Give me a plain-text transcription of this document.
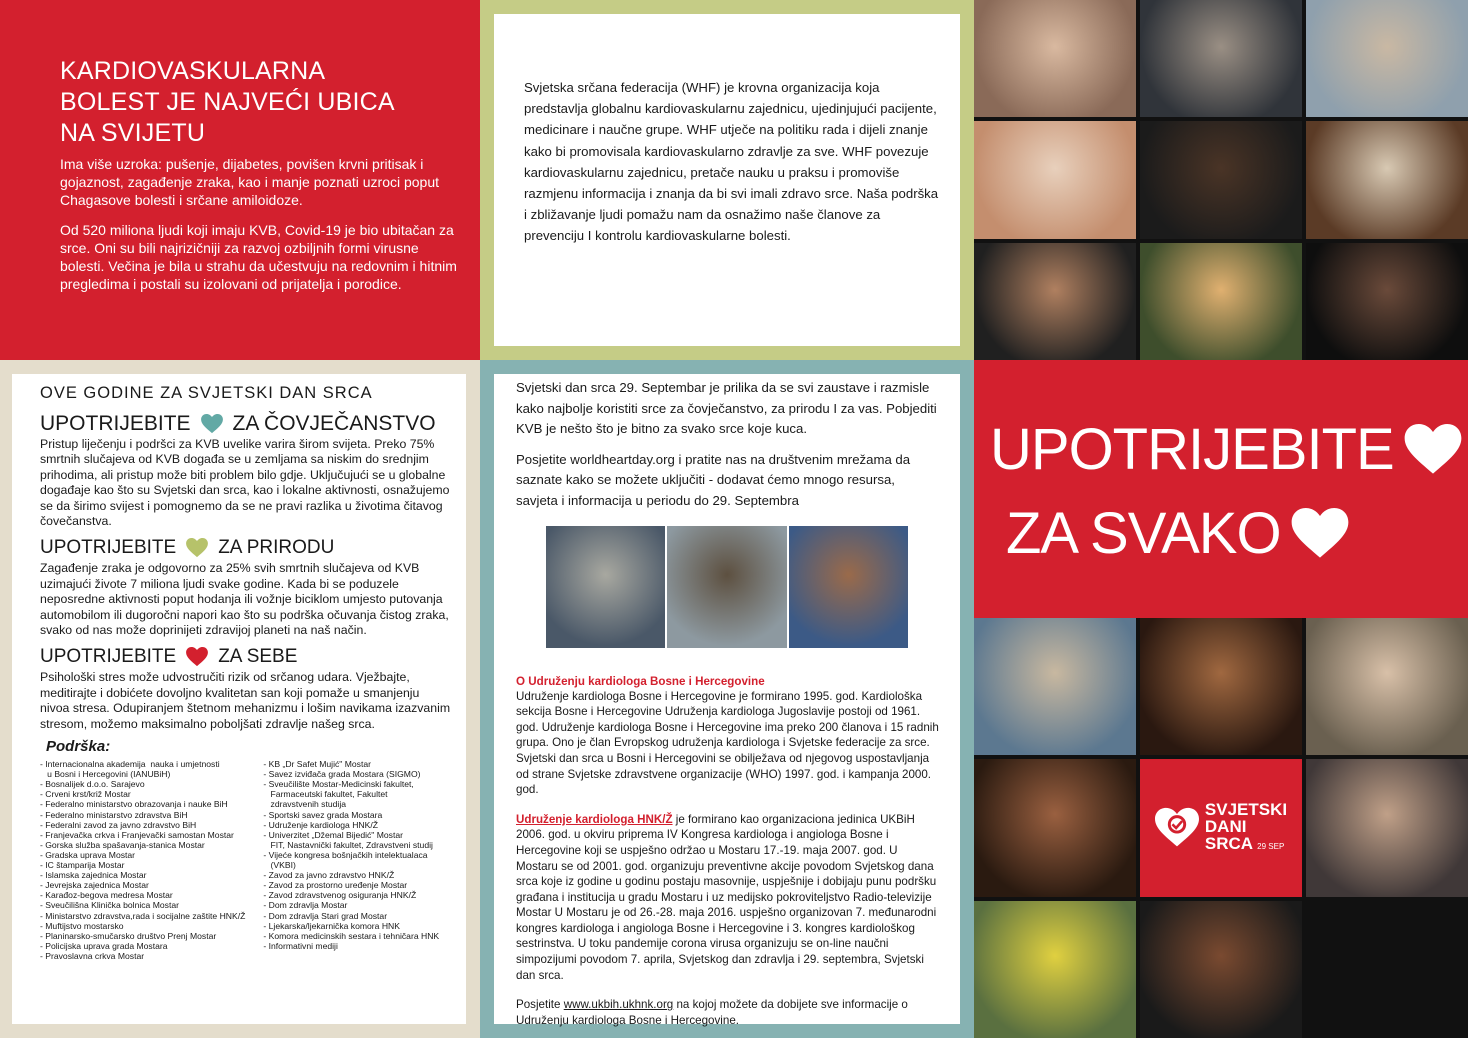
KARDIOVASKULARNA
BOLEST JE NAJVEĆI UBICA
NA SVIJETU

Ima više uzroka: pušenje, dijabetes, povišen krvni pritisak i gojaznost, zagađenje zraka, kao i manje poznati uzroci poput Chagasove bolesti i srčane amiloidoze.

Od 520 miliona ljudi koji imaju KVB, Covid-19 je bio ubitačan za srce. Oni su bili najrizičniji za razvoj ozbiljnih formi virusne bolesti. Večina je bila u strahu da učestvuju na redovnim i hitnim pregledima i postali su izolovani od prijatelja i porodice.

Svjetska srčana federacija (WHF) je krovna organizacija koja predstavlja globalnu kardiovaskularnu zajednicu, ujedinjujući pacijente, medicinare i naučne grupe. WHF utječe na politiku rada i dijeli znanje kako bi promovisala kardiovaskularno zdravlje za sve. WHF povezuje kardiovaskularnu zajednicu, pretače nauku u praksu i promoviše razmjenu informacija i znanja da bi svi imali zdravo srce. Naša podrška i zbližavanje ljudi pomažu nam da osnažimo naše članove za prevenciju I kontrolu kardiovaskularne bolesti.

OVE GODINE ZA SVJETSKI DAN SRCA
UPOTRIJEBITE ZA ČOVJEČANSTVO
Pristup liječenju i podršci za KVB uvelike varira širom svijeta. Preko 75% smrtnih slučajeva od KVB događa se u zemljama sa niskim do srednjim prihodima, ali pristup može biti problem bilo gdje. Uključujući se u globalne događaje kao što su Svjetski dan srca, kao i lokalne aktivnosti, osnažujemo se da širimo svijest i pomognemo da se ne pravi razlika u životima čitavog čovečanstva.
UPOTRIJEBITE ZA PRIRODU
Zagađenje zraka je odgovorno za 25% svih smrtnih slučajeva od KVB uzimajući živote 7 miliona ljudi svake godine. Kada bi se poduzele neposredne aktivnosti poput hodanja ili vožnje biciklom umjesto putovanja automobilom ili dugoročni napori kao što su podrška očuvanja čistog zraka, svako od nas može doprinijeti zdravijoj planeti na naš način.
UPOTRIJEBITE ZA SEBE
Psihološki stres može udvostručiti rizik od srčanog udara. Vježbajte, meditirajte i dobićete dovoljno kvalitetan san koji pomaže u smanjenju nivoa stresa. Odupiranjem štetnom mehanizmu i lošim navikama izazvanim stresom, možemo maksimalno poboljšati zdravlje našeg srca.
Podrška:
- Internacionalna akademija  nauka i umjetnosti
u Bosni i Hercegovini (IANUBiH)
- Bosnalijek d.o.o. Sarajevo
- Crveni krst/križ Mostar
- Federalno ministarstvo obrazovanja i nauke BiH
- Federalno ministarstvo zdravstva BiH
- Federalni zavod za javno zdravstvo BiH
- Franjevačka crkva i Franjevački samostan Mostar
- Gorska služba spašavanja-stanica Mostar
- Gradska uprava Mostar
- IC štamparija Mostar
- Islamska zajednica Mostar
- Jevrejska zajednica Mostar
- Karađoz-begova medresa Mostar
- Sveučilišna Klinička bolnica Mostar
- Ministarstvo zdravstva,rada i socijalne zaštite HNK/Ž
- Muftijstvo mostarsko
- Planinarsko-smučarsko društvo Prenj Mostar
- Policijska uprava grada Mostara
- Pravoslavna crkva Mostar
- KB „Dr Safet Mujić" Mostar
- Savez izviđača grada Mostara (SIGMO)
- Sveučilište Mostar-Medicinski fakultet,
Farmaceutski fakultet, Fakultet
zdravstvenih studija
- Sportski savez grada Mostara
- Udruženje kardiologa HNK/Ž
- Univerzitet „Džemal Bijedić" Mostar
FIT, Nastavnički fakultet, Zdravstveni studij
- Vijeće kongresa bošnjačkih intelektualaca
(VKBI)
- Zavod za javno zdravstvo HNK/Ž
- Zavod za prostorno uređenje Mostar
- Zavod zdravstvenog osiguranja HNK/Ž
- Dom zdravlja Mostar
- Dom zdravlja Stari grad Mostar
- Ljekarska/ljekarnička komora HNK
- Komora medicinskih sestara i tehničara HNK
- Informativni mediji

Svjetski dan srca 29. Septembar je prilika da se svi zaustave i razmisle kako najbolje koristiti srce za čovječanstvo, za prirodu I za vas. Pobjediti KVB je nešto što je bitno za svako srce koje kuca.

Posjetite worldheartday.org i pratite nas na društvenim mrežama da saznate kako se možete uključiti - dodavat ćemo mnogo resursa, savjeta i informacija u periodu do 29. Septembra

O Udruženju kardiologa Bosne i Hercegovine

Udruženje kardiologa Bosne i Hercegovine je formirano 1995. god. Kardiološka sekcija Bosne i Hercegovine Udruženja kardiologa Jugoslavije postoji od 1961. god. Udruženje kardiologa Bosne i Hercegovine ima preko 200 članova i 15 radnih grupa. Ono je član Evropskog udruženja kardiologa i Svjetske federacije za srce. Svjetski dan srca u Bosni i Hercegovini se obilježava od njegovog uspostavljanja od strane Svjetske zdravstvene organizacije (WHO) 1997. god. i kampanja 2000. god.

Udruženje kardiologa HNK/Ž je formirano kao organizaciona jedinica UKBiH 2006. god. u okviru priprema IV Kongresa kardiologa i angiologa Bosne i Hercegovine koji se uspješno održao u Mostaru 17.-19. maja 2007. god. U Mostaru se od 2001. god. organizuju preventivne akcije povodom Svjetskog dana srca koje iz godine u godinu postaju masovnije, uspješnije i dobijaju punu podršku građana i institucija u gradu Mostaru i uz medijsko pokroviteljstvo Radio-televizije Mostar U Mostaru je od 26.-28. maja 2016. uspješno organizovan 7. međunarodni kongres kardiologa i angiologa Bosne i Hercegovine i 3. kongres kardiološkog sestrinstva. U toku pandemije corona virusa organizuju se on-line naučni simpozijumi povodom 7. aprila, Svjetskog dan zdravlja i 29. septembra, Svjetski dan srca.

Posjetite www.ukbih.ukhnk.org na kojoj možete da dobijete sve informacije o Udruženju kardiologa Bosne i Hercegovine.

UPOTRIJEBITE
ZA SVAKO
SVJETSKI
DANI
SRCA 29 SEP
